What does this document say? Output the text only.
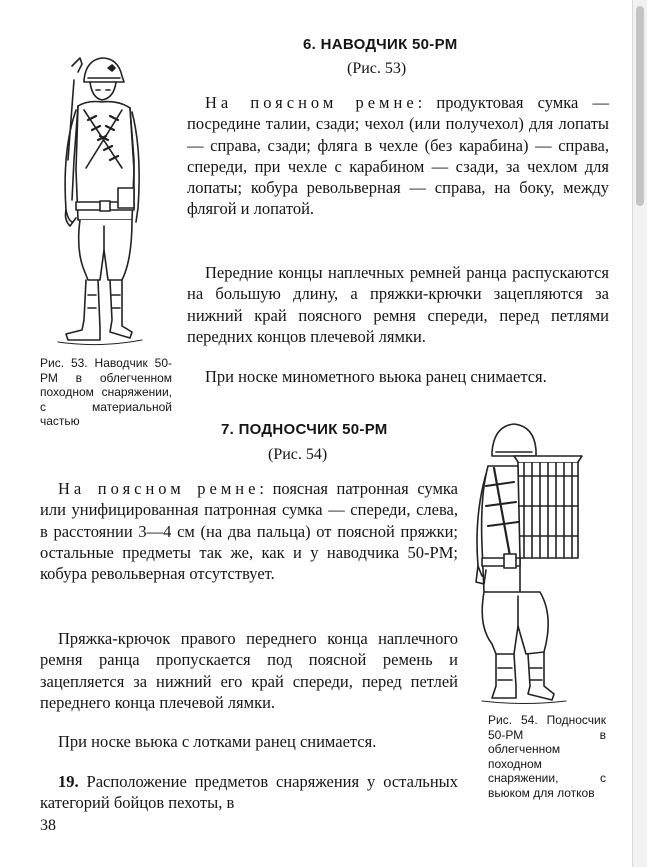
6. НАВОДЧИК 50-РМ
(Рис. 53)

На поясном ремне: продуктовая сумка — посредине талии, сзади; чехол (или получехол) для лопаты — справа, сзади; фляга в чехле (без карабина) — справа, спереди, при чехле с карабином — сзади, за чехлом для лопаты; кобура револьверная — справа, на боку, между флягой и лопатой.

Передние концы наплечных ремней ранца распускаются на большую длину, а пряжки-крючки зацепляются за нижний край поясного ремня спереди, перед петлями передних концов плечевой лямки.

При носке минометного вьюка ранец снимается.

Рис. 53. Наводчик 50-РМ в облегченном походном снаряжении, с материальной частью	7. ПОДНОСЧИК 50-РМ
(Рис. 54)

На поясном ремне: поясная патронная сумка или унифицированная патронная сумка — спереди, слева, в расстоянии 3—4 см (на два пальца) от поясной пряжки; остальные предметы так же, как и у наводчика 50-РМ; кобура револьверная отсутствует.

Пряжка-крючок правого переднего конца наплечного ремня ранца пропускается под поясной ремень и зацепляется за нижний его край спереди, перед петлей переднего конца плечевой лямки.

При носке вьюка с лотками ранец снимается.

19. Расположение предметов снаряжения у остальных категорий бойцов пехоты, в

Рис. 54. Подносчик 50-РМ в облегченном походном снаряжении, с вьюком для лотков

38
